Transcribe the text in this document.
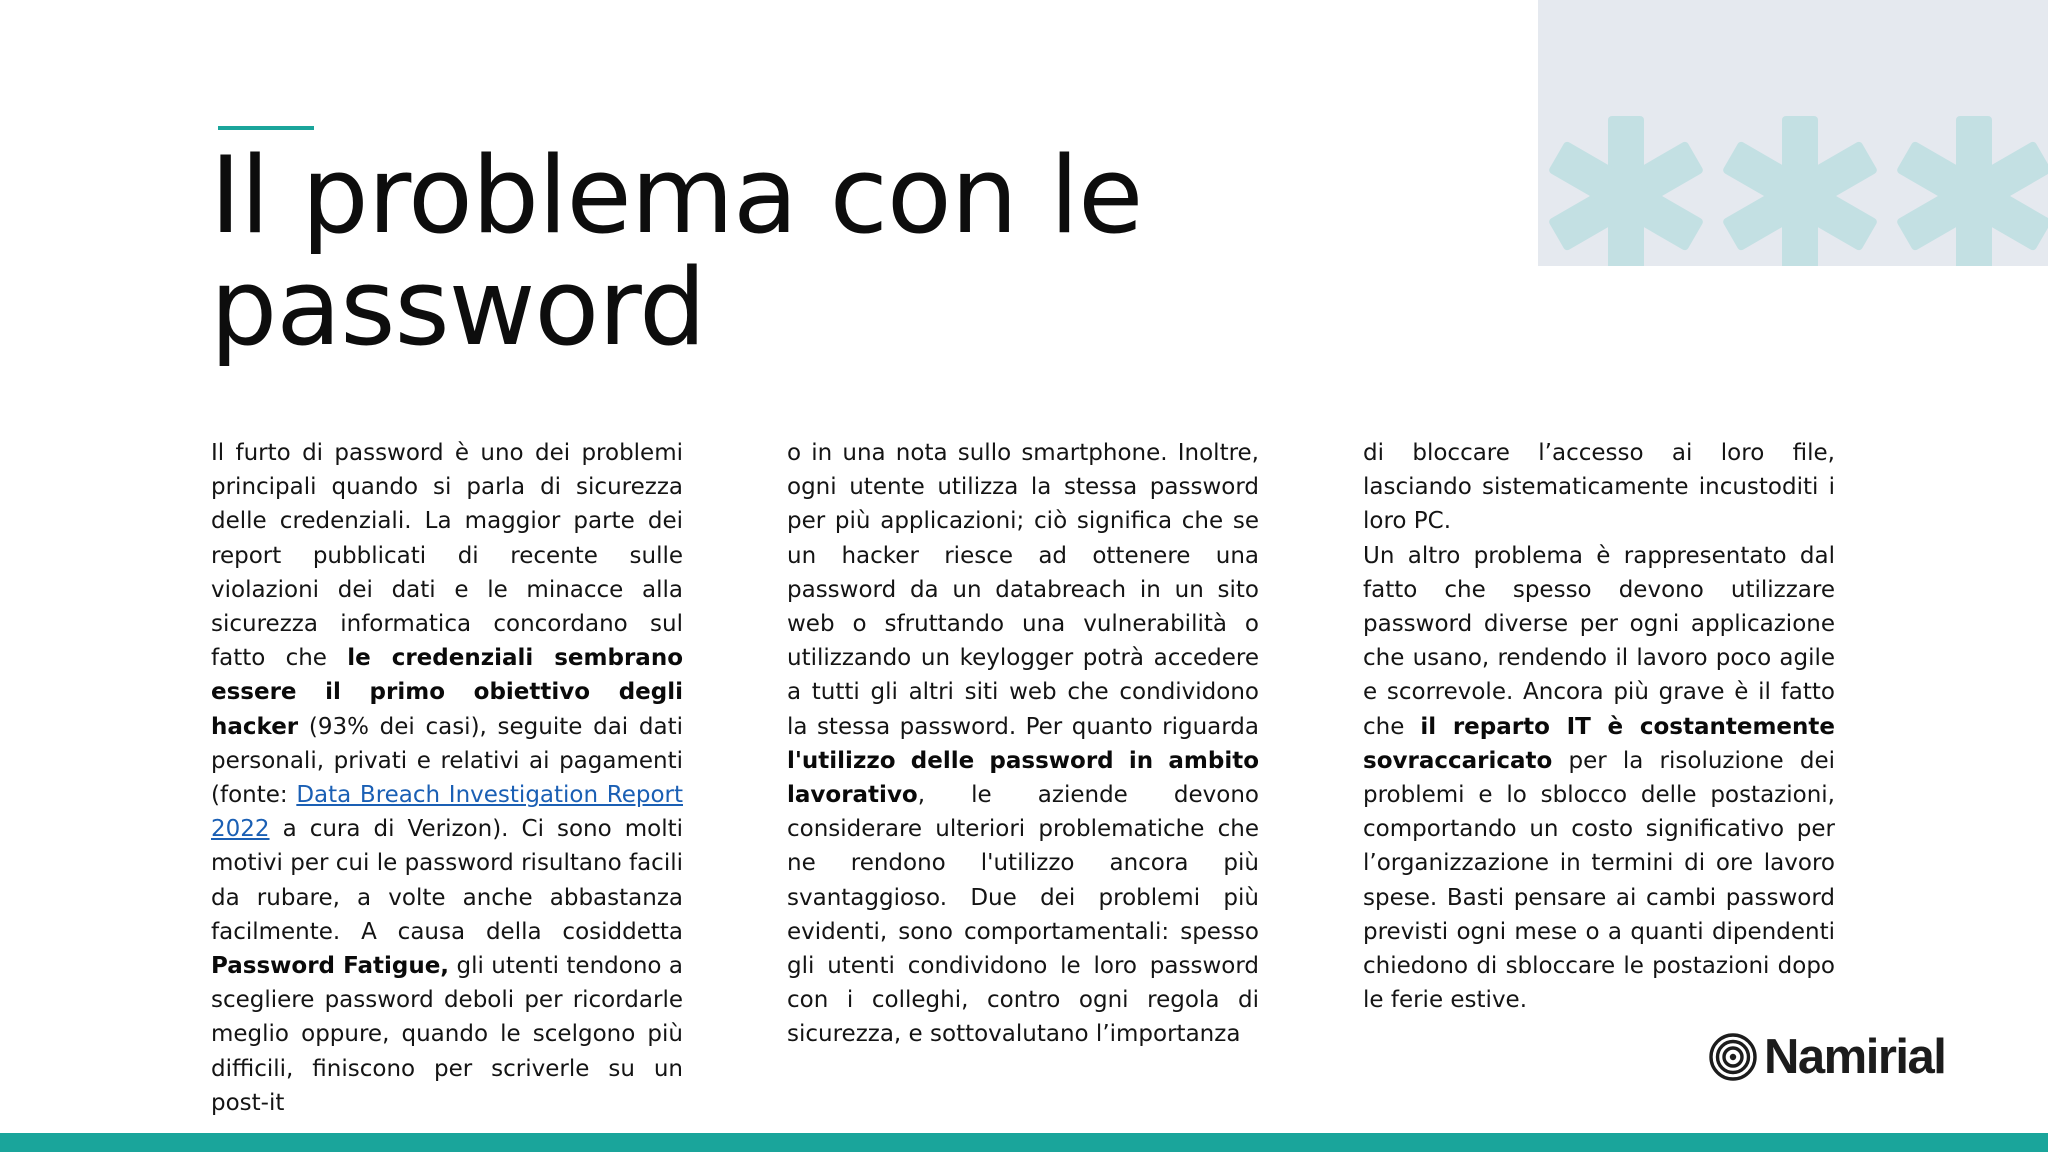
Il problema con le password

Il furto di password è uno dei problemi principali quando si parla di sicurezza delle credenziali. La maggior parte dei report pubblicati di recente sulle violazioni dei dati e le minacce alla sicurezza informatica concordano sul fatto che le credenziali sembrano essere il primo obiettivo degli hacker (93% dei casi), seguite dai dati personali, privati e relativi ai pagamenti (fonte: Data Breach Investigation Report 2022 a cura di Verizon). Ci sono molti motivi per cui le password risultano facili da rubare, a volte anche abbastanza facilmente. A causa della cosiddetta Password Fatigue, gli utenti tendono a scegliere password deboli per ricordarle meglio oppure, quando le scelgono più difficili, finiscono per scriverle su un post-it

o in una nota sullo smartphone. Inoltre, ogni utente utilizza la stessa password per più applicazioni; ciò significa che se un hacker riesce ad ottenere una password da un databreach in un sito web o sfruttando una vulnerabilità o utilizzando un keylogger potrà accedere a tutti gli altri siti web che condividono la stessa password. Per quanto riguarda l'utilizzo delle password in ambito lavorativo, le aziende devono considerare ulteriori problematiche che ne rendono l'utilizzo ancora più svantaggioso. Due dei problemi più evidenti, sono comportamentali: spesso gli utenti condividono le loro password con i colleghi, contro ogni regola di sicurezza, e sottovalutano l’importanza

di bloccare l’accesso ai loro file, lasciando sistematicamente incustoditi i loro PC.

Un altro problema è rappresentato dal fatto che spesso devono utilizzare password diverse per ogni applicazione che usano, rendendo il lavoro poco agile e scorrevole. Ancora più grave è il fatto che il reparto IT è costantemente sovraccaricato per la risoluzione dei problemi e lo sblocco delle postazioni, comportando un costo significativo per l’organizzazione in termini di ore lavoro spese. Basti pensare ai cambi password previsti ogni mese o a quanti dipendenti chiedono di sbloccare le postazioni dopo le ferie estive.

Namirial
